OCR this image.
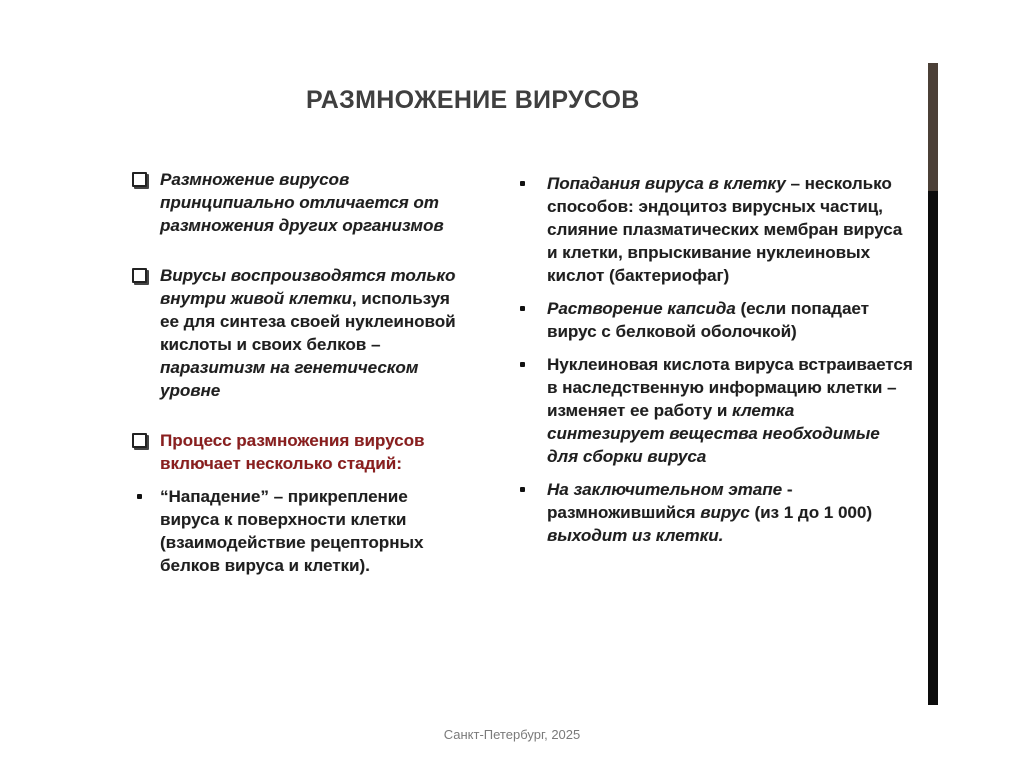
РАЗМНОЖЕНИЕ ВИРУСОВ
Размножение вирусов принципиально отличается от размножения других организмов
Вирусы воспроизводятся только внутри живой клетки, используя ее для синтеза своей нуклеиновой кислоты и своих белков – паразитизм на генетическом уровне
Процесс размножения вирусов включает несколько стадий:
“Нападение” – прикрепление вируса к поверхности клетки (взаимодействие рецепторных белков вируса и клетки).
Попадания вируса в клетку – несколько способов: эндоцитоз вирусных частиц, слияние плазматических мембран вируса и клетки, впрыскивание нуклеиновых кислот (бактериофаг)
Растворение капсида (если попадает вирус с белковой оболочкой)
Нуклеиновая кислота вируса встраивается в наследственную информацию клетки – изменяет ее работу и клетка синтезирует вещества необходимые для сборки вируса
На заключительном этапе - размножившийся вирус (из 1 до 1 000) выходит из клетки.
Санкт-Петербург, 2025
